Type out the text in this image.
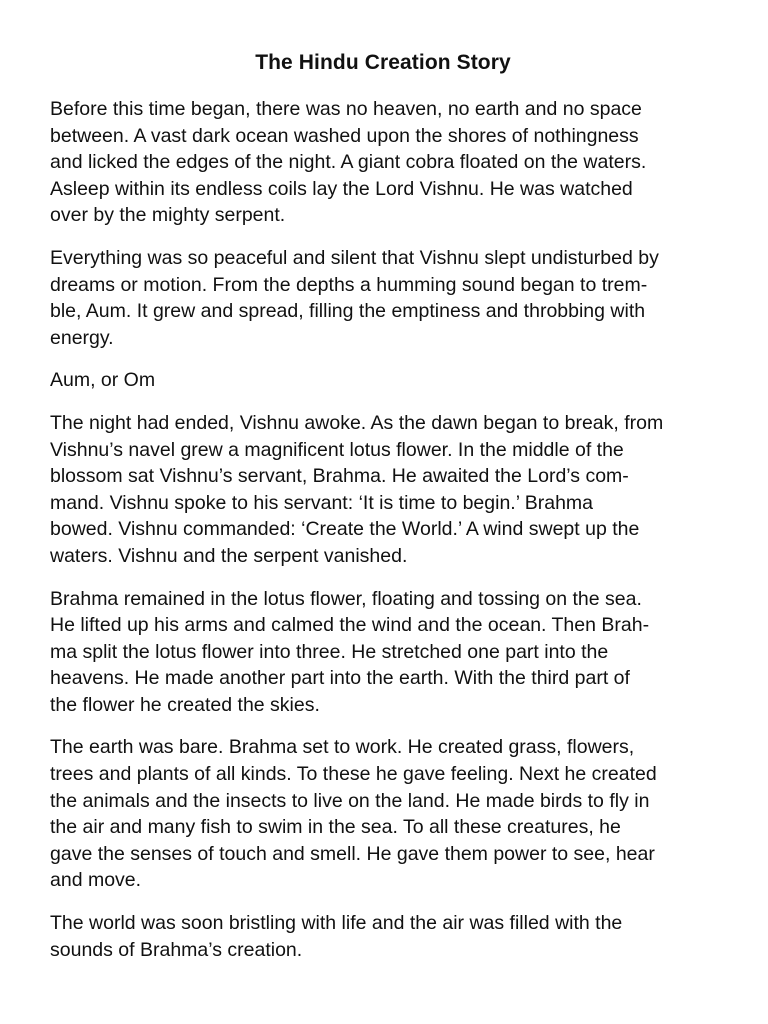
The Hindu Creation Story

Before this time began, there was no heaven, no earth and no space
between. A vast dark ocean washed upon the shores of nothingness
and licked the edges of the night. A giant cobra floated on the waters.
Asleep within its endless coils lay the Lord Vishnu. He was watched
over by the mighty serpent.

Everything was so peaceful and silent that Vishnu slept undisturbed by
dreams or motion. From the depths a humming sound began to trem-
ble, Aum. It grew and spread, filling the emptiness and throbbing with
energy.

Aum, or Om

The night had ended, Vishnu awoke. As the dawn began to break, from
Vishnu’s navel grew a magnificent lotus flower. In the middle of the
blossom sat Vishnu’s servant, Brahma. He awaited the Lord’s com-
mand. Vishnu spoke to his servant: ‘It is time to begin.’ Brahma
bowed. Vishnu commanded: ‘Create the World.’ A wind swept up the
waters. Vishnu and the serpent vanished.

Brahma remained in the lotus flower, floating and tossing on the sea.
He lifted up his arms and calmed the wind and the ocean. Then Brah-
ma split the lotus flower into three. He stretched one part into the
heavens. He made another part into the earth. With the third part of
the flower he created the skies.

The earth was bare. Brahma set to work. He created grass, flowers,
trees and plants of all kinds. To these he gave feeling. Next he created
the animals and the insects to live on the land. He made birds to fly in
the air and many fish to swim in the sea. To all these creatures, he
gave the senses of touch and smell. He gave them power to see, hear
and move.

The world was soon bristling with life and the air was filled with the
sounds of Brahma’s creation.
